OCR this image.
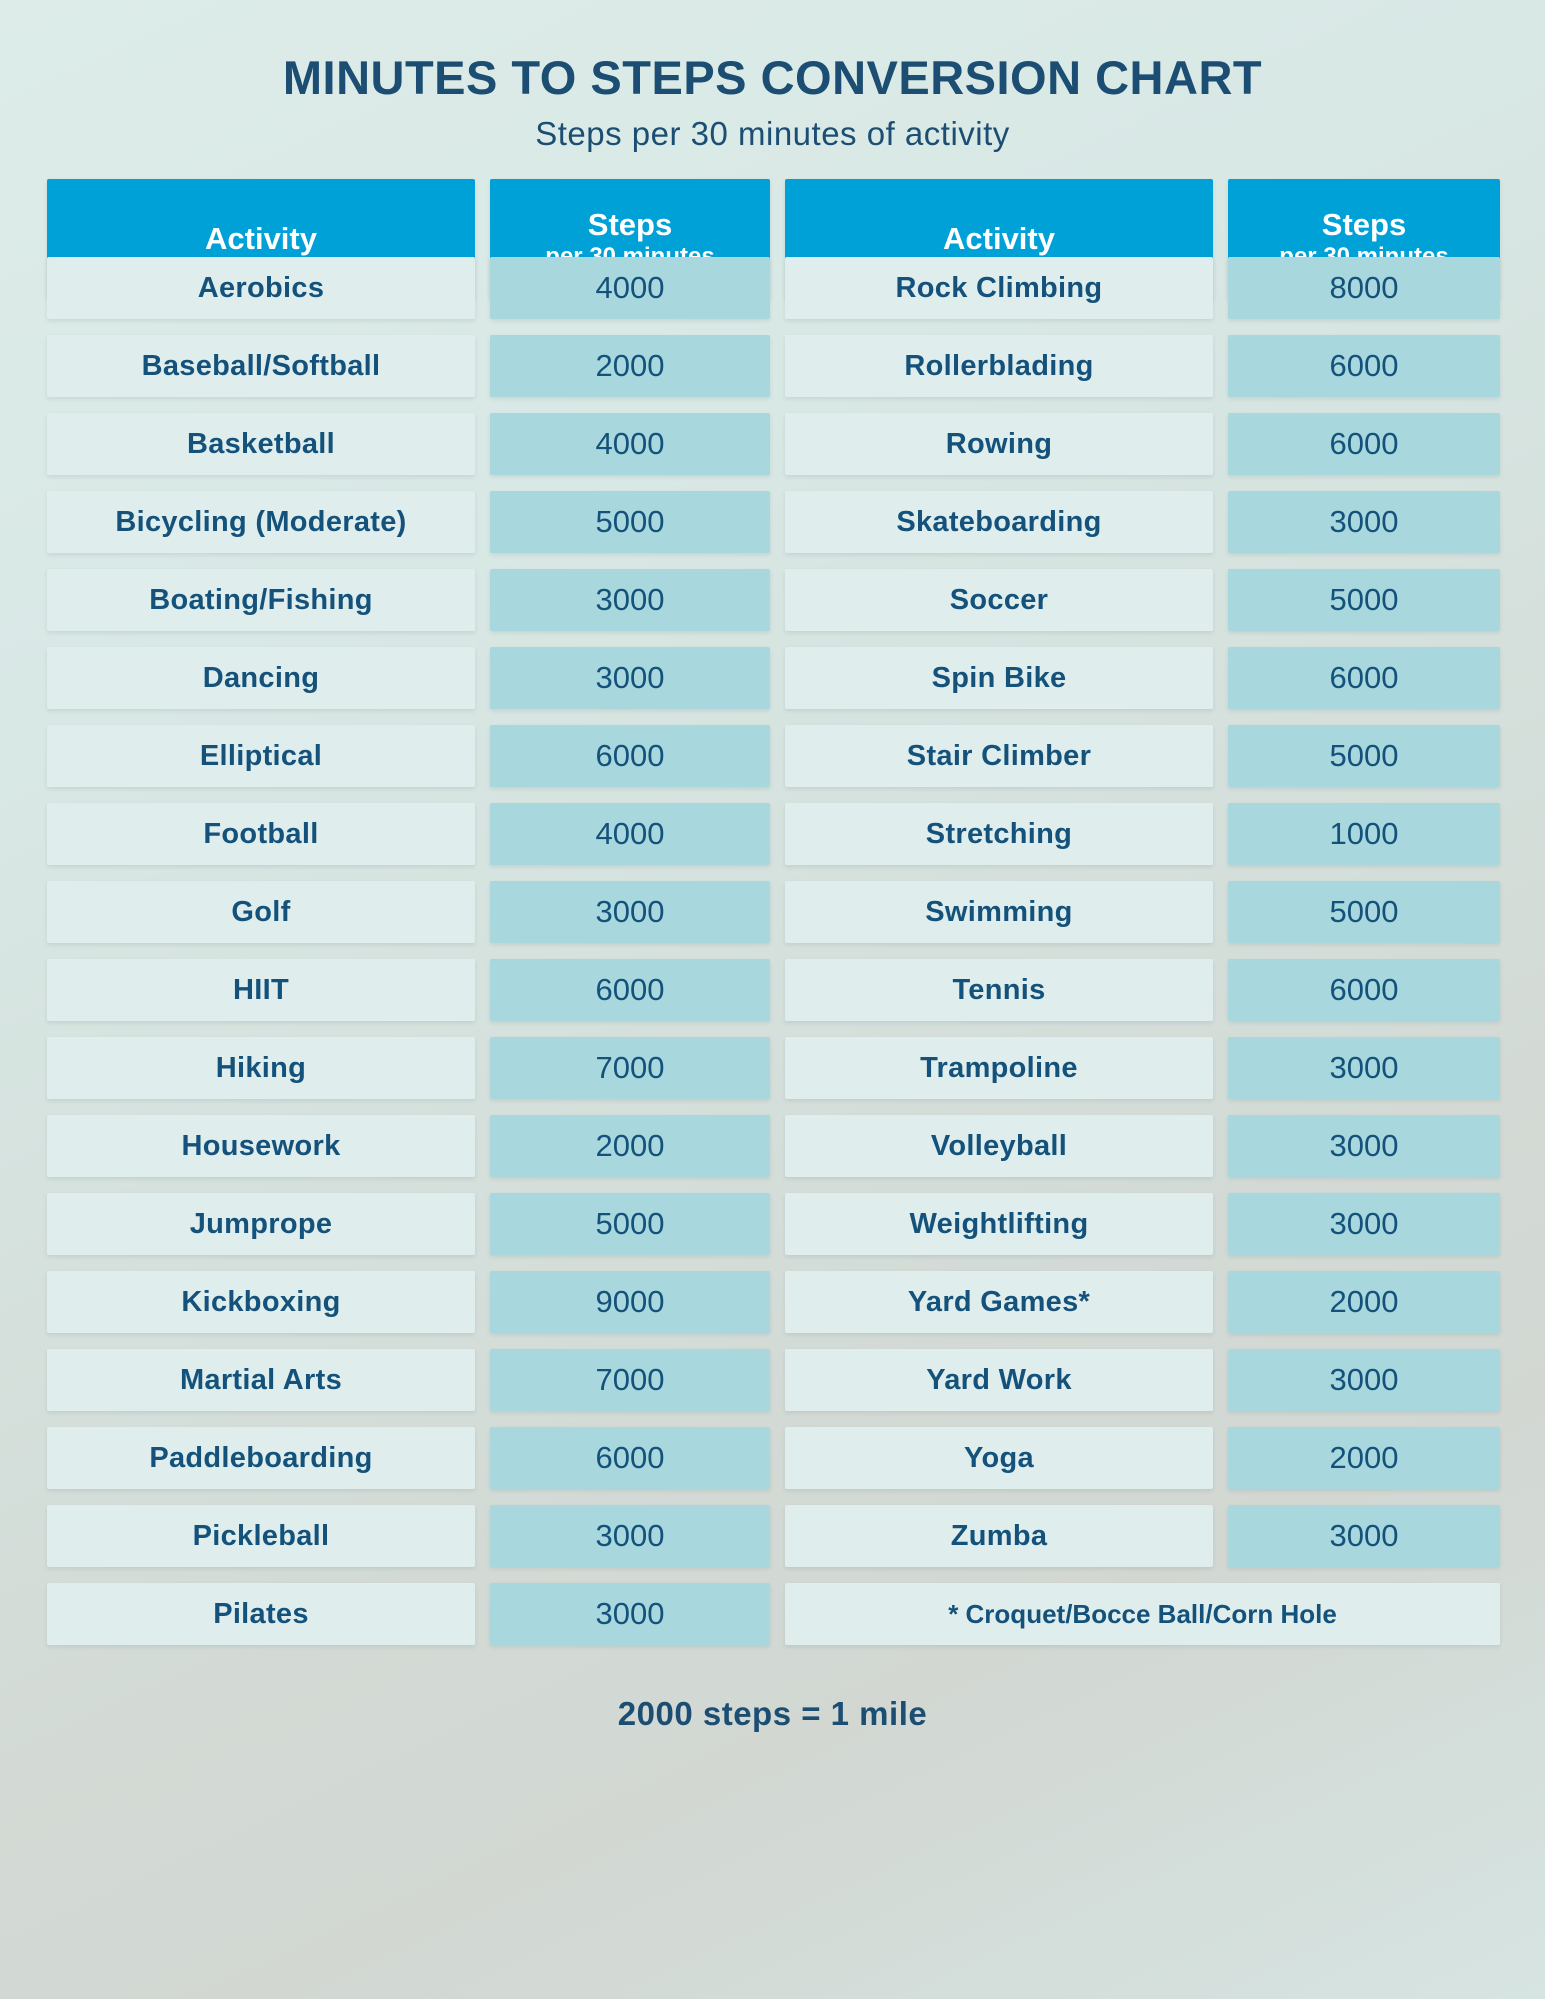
MINUTES TO STEPS CONVERSION CHART
Steps per 30 minutes of activity
Activity	Steps
Aerobics	4000
Baseball/Softball	2000
Basketball	4000
Bicycling (Moderate)	5000
Boating/Fishing	3000
Dancing	3000
Elliptical	6000
Football	4000
Golf	3000
HIIT	6000
Hiking	7000
Housework	2000
Jumprope	5000
Kickboxing	9000
Martial Arts	7000
Paddleboarding	6000
Pickleball	3000
Pilates	3000
Activity	Steps
Rock Climbing	8000
Rollerblading	6000
Rowing	6000
Skateboarding	3000
Soccer	5000
Spin Bike	6000
Stair Climber	5000
Stretching	1000
Swimming	5000
Tennis	6000
Trampoline	3000
Volleyball	3000
Weightlifting	3000
Yard Games*	2000
Yard Work	3000
Yoga	2000
Zumba	3000
* Croquet/Bocce Ball/Corn Hole
2000 steps = 1 mile
